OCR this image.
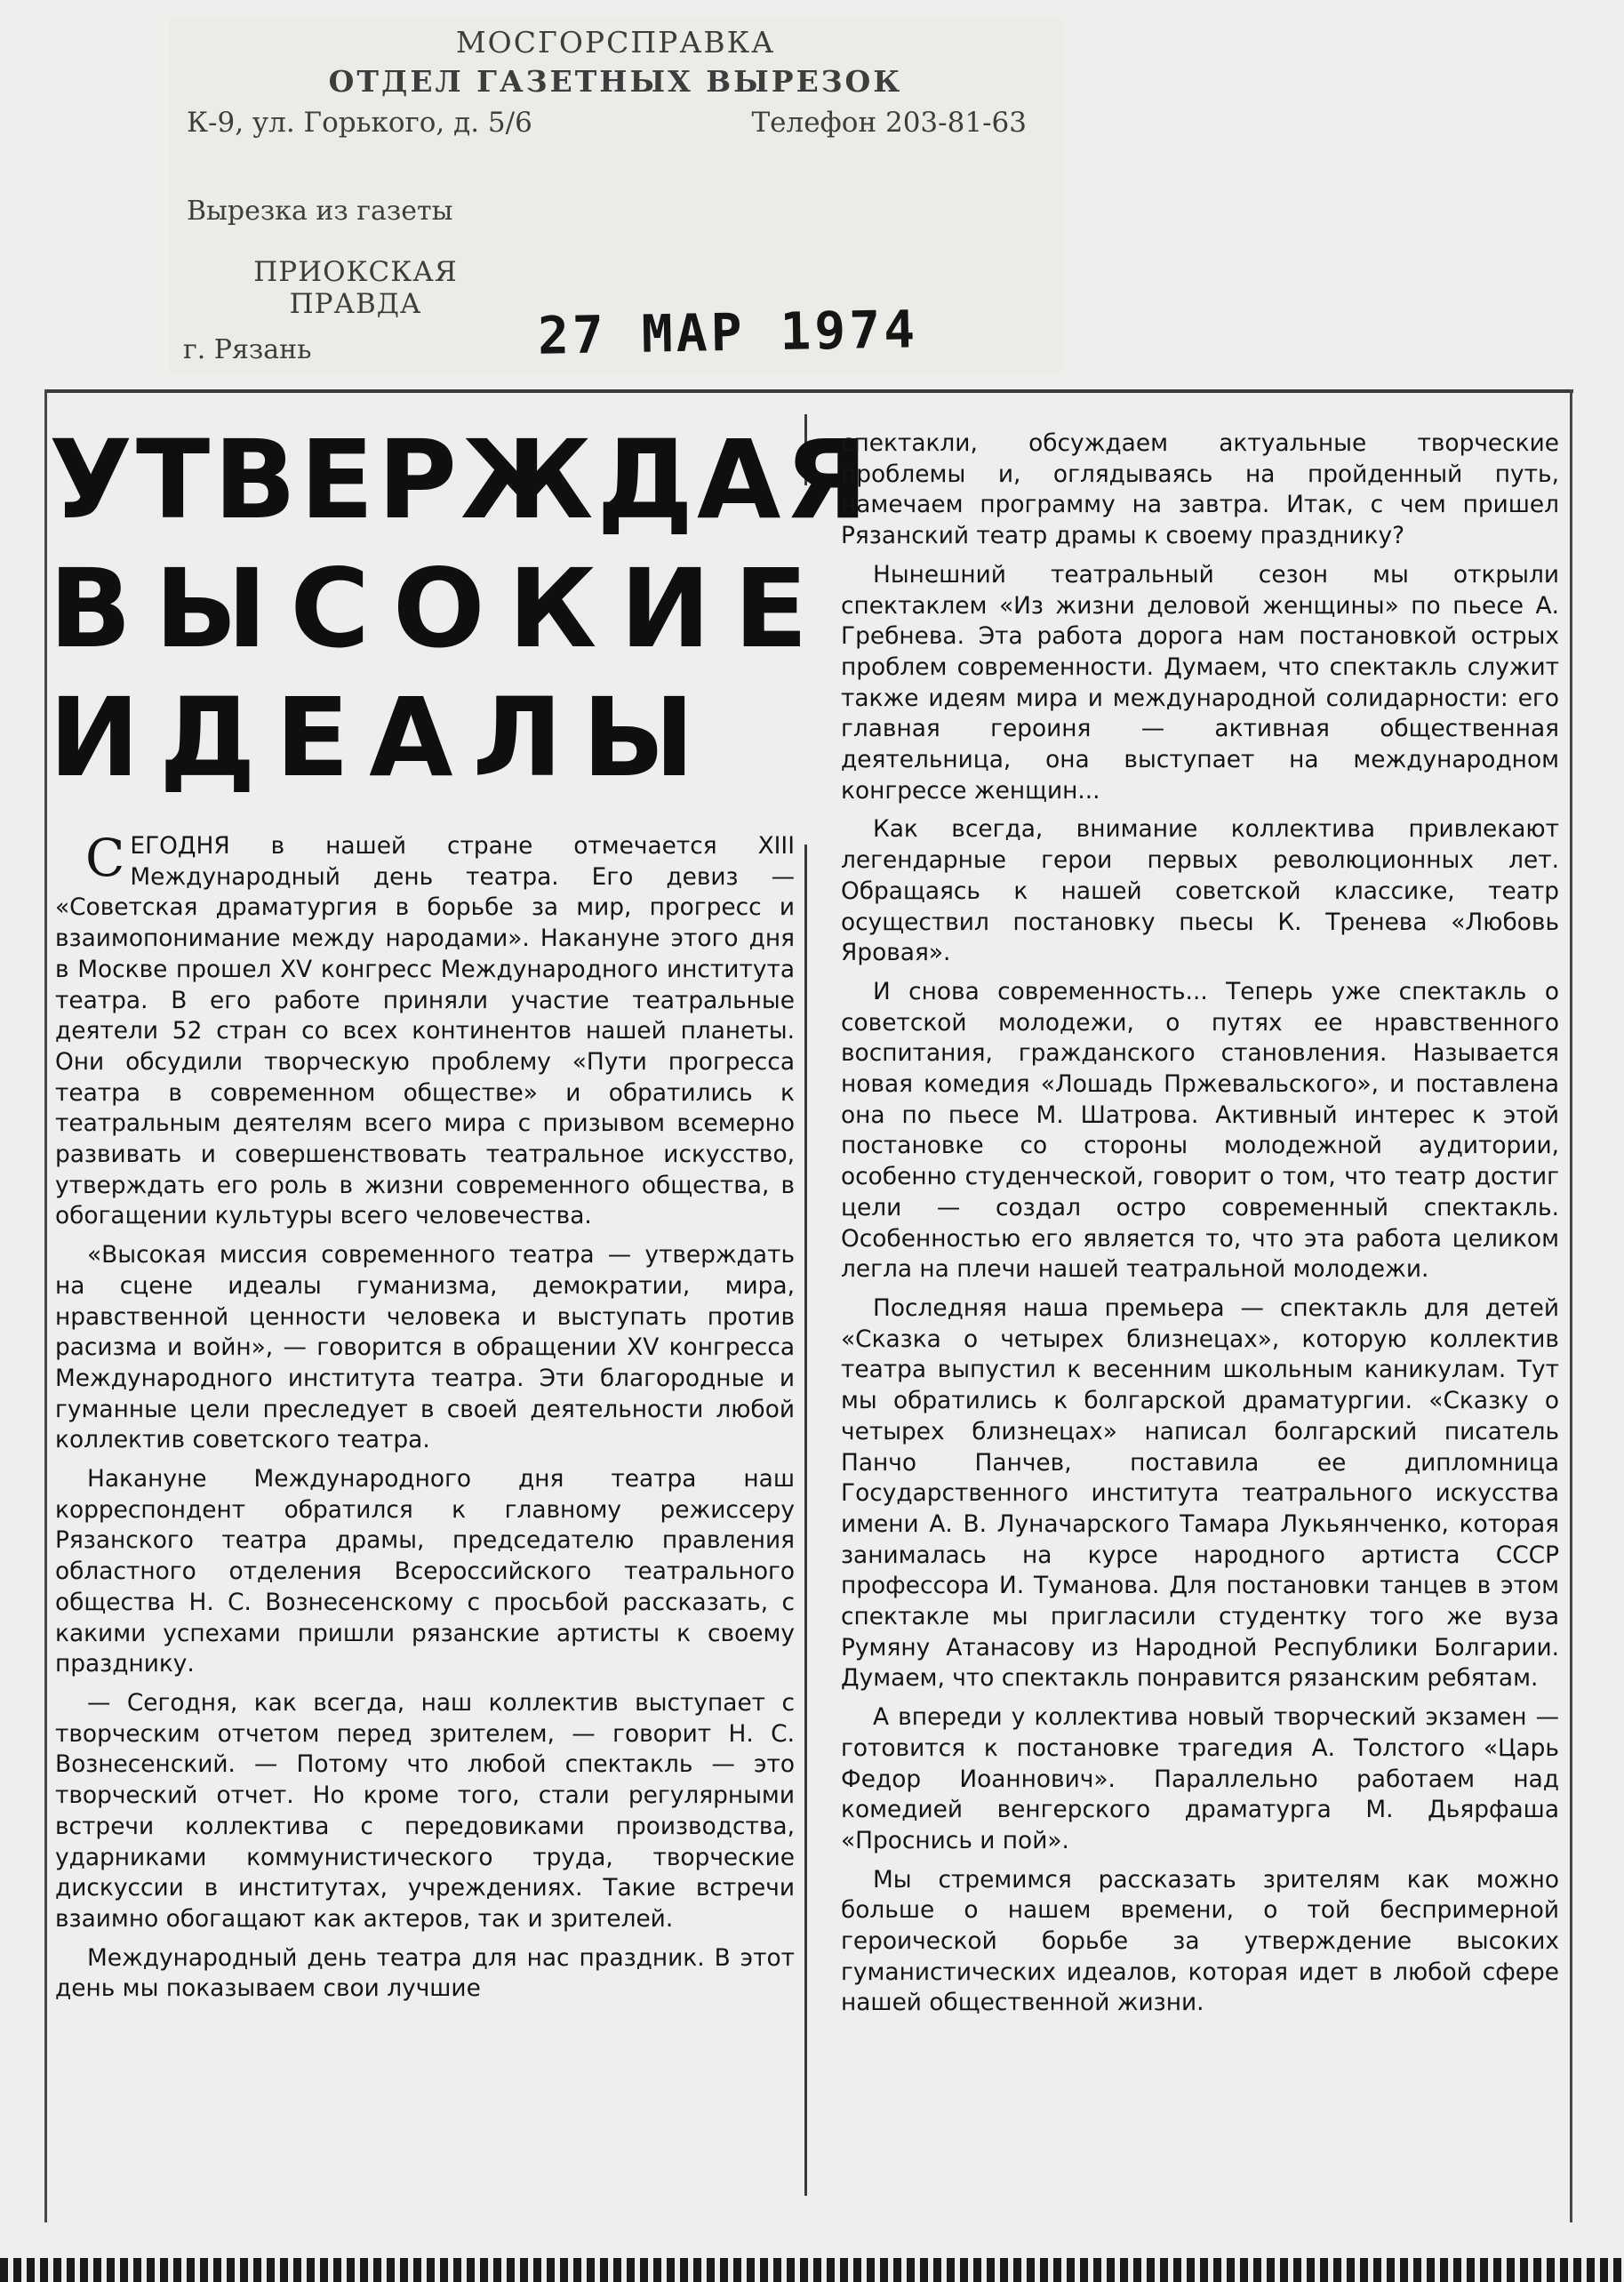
МОСГОРСПРАВКА
ОТДЕЛ ГАЗЕТНЫХ ВЫРЕЗОК
К-9, ул. Горького, д. 5/6	Телефон 203-81-63
Вырезка из газеты
ПРИОКСКАЯ
ПРАВДА
г. Рязань	27 МАР 1974
УТВЕРЖДАЯ
ВЫСОКИЕ
ИДЕАЛЫ

СЕГОДНЯ в нашей стране отмечается XIII Международный день театра. Его девиз — «Советская драматургия в борьбе за мир, прогресс и взаимопонимание между народами». Накануне этого дня в Москве прошел XV конгресс Международного института театра. В его работе приняли участие театральные деятели 52 стран со всех континентов нашей планеты. Они обсудили творческую проблему «Пути прогресса театра в современном обществе» и обратились к театральным деятелям всего мира с призывом всемерно развивать и совершенствовать театральное искусство, утверждать его роль в жизни современного общества, в обогащении культуры всего человечества.

«Высокая миссия современного театра — утверждать на сцене идеалы гуманизма, демократии, мира, нравственной ценности человека и выступать против расизма и войн», — говорится в обращении XV конгресса Международного института театра. Эти благородные и гуманные цели преследует в своей деятельности любой коллектив советского театра.

Накануне Международного дня театра наш корреспондент обратился к главному режиссеру Рязанского театра драмы, председателю правления областного отделения Всероссийского театрального общества Н. С. Вознесенскому с просьбой рассказать, с какими успехами пришли рязанские артисты к своему празднику.

— Сегодня, как всегда, наш коллектив выступает с творческим отчетом перед зрителем, — говорит Н. С. Вознесенский. — Потому что любой спектакль — это творческий отчет. Но кроме того, стали регулярными встречи коллектива с передовиками производства, ударниками коммунистического труда, творческие дискуссии в институтах, учреждениях. Такие встречи взаимно обогащают как актеров, так и зрителей.

Международный день театра для нас праздник. В этот день мы показываем свои лучшие

спектакли, обсуждаем актуальные творческие проблемы и, оглядываясь на пройденный путь, намечаем программу на завтра. Итак, с чем пришел Рязанский театр драмы к своему празднику?

Нынешний театральный сезон мы открыли спектаклем «Из жизни деловой женщины» по пьесе А. Гребнева. Эта работа дорога нам постановкой острых проблем современности. Думаем, что спектакль служит также идеям мира и международной солидарности: его главная героиня — активная общественная деятельница, она выступает на международном конгрессе женщин...

Как всегда, внимание коллектива привлекают легендарные герои первых революционных лет. Обращаясь к нашей советской классике, театр осуществил постановку пьесы К. Тренева «Любовь Яровая».

И снова современность... Теперь уже спектакль о советской молодежи, о путях ее нравственного воспитания, гражданского становления. Называется новая комедия «Лошадь Пржевальского», и поставлена она по пьесе М. Шатрова. Активный интерес к этой постановке со стороны молодежной аудитории, особенно студенческой, говорит о том, что театр достиг цели — создал остро современный спектакль. Особенностью его является то, что эта работа целиком легла на плечи нашей театральной молодежи.

Последняя наша премьера — спектакль для детей «Сказка о четырех близнецах», которую коллектив театра выпустил к весенним школьным каникулам. Тут мы обратились к болгарской драматургии. «Сказку о четырех близнецах» написал болгарский писатель Панчо Панчев, поставила ее дипломница Государственного института театрального искусства имени А. В. Луначарского Тамара Лукьянченко, которая занималась на курсе народного артиста СССР профессора И. Туманова. Для постановки танцев в этом спектакле мы пригласили студентку того же вуза Румяну Атанасову из Народной Республики Болгарии. Думаем, что спектакль понравится рязанским ребятам.

А впереди у коллектива новый творческий экзамен — готовится к постановке трагедия А. Толстого «Царь Федор Иоаннович». Параллельно работаем над комедией венгерского драматурга М. Дьярфаша «Проснись и пой».

Мы стремимся рассказать зрителям как можно больше о нашем времени, о той беспримерной героической борьбе за утверждение высоких гуманистических идеалов, которая идет в любой сфере нашей общественной жизни.
